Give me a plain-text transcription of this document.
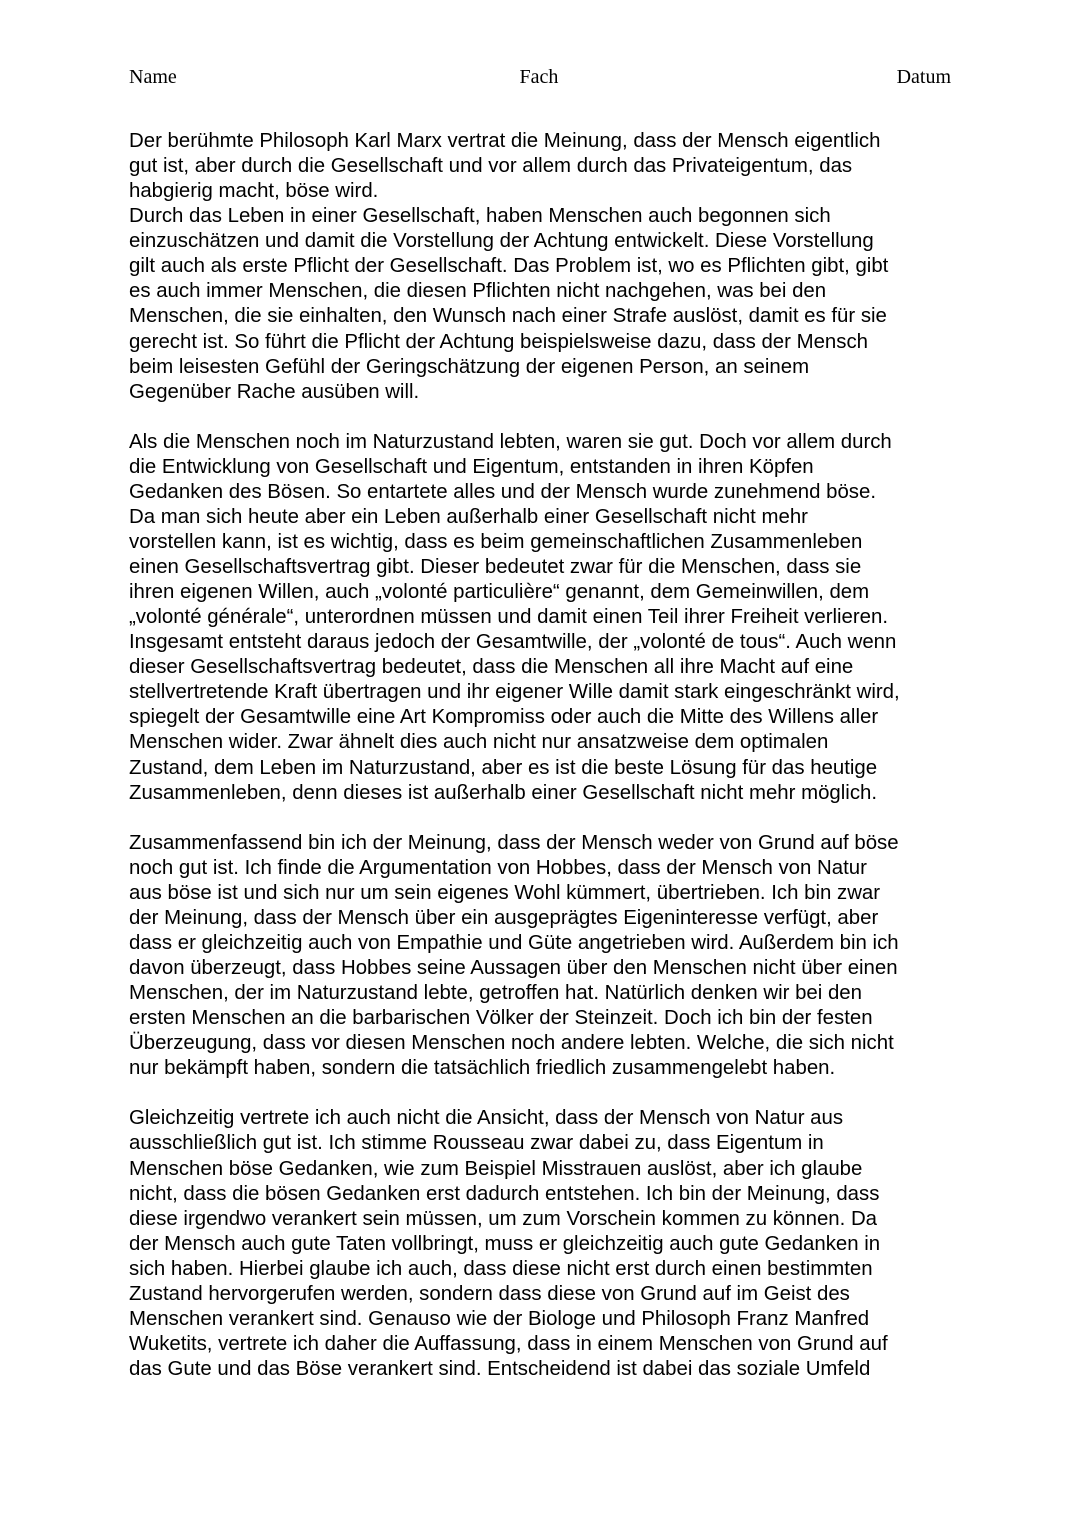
Name	Fach	Datum

Der berühmte Philosoph Karl Marx vertrat die Meinung, dass der Mensch eigentlich
gut ist, aber durch die Gesellschaft und vor allem durch das Privateigentum, das
habgierig macht, böse wird.

Durch das Leben in einer Gesellschaft, haben Menschen auch begonnen sich
einzuschätzen und damit die Vorstellung der Achtung entwickelt. Diese Vorstellung
gilt auch als erste Pflicht der Gesellschaft. Das Problem ist, wo es Pflichten gibt, gibt
es auch immer Menschen, die diesen Pflichten nicht nachgehen, was bei den
Menschen, die sie einhalten, den Wunsch nach einer Strafe auslöst, damit es für sie
gerecht ist. So führt die Pflicht der Achtung beispielsweise dazu, dass der Mensch
beim leisesten Gefühl der Geringschätzung der eigenen Person, an seinem
Gegenüber Rache ausüben will.

Als die Menschen noch im Naturzustand lebten, waren sie gut. Doch vor allem durch
die Entwicklung von Gesellschaft und Eigentum, entstanden in ihren Köpfen
Gedanken des Bösen. So entartete alles und der Mensch wurde zunehmend böse.
Da man sich heute aber ein Leben außerhalb einer Gesellschaft nicht mehr
vorstellen kann, ist es wichtig, dass es beim gemeinschaftlichen Zusammenleben
einen Gesellschaftsvertrag gibt. Dieser bedeutet zwar für die Menschen, dass sie
ihren eigenen Willen, auch „volonté particulière“ genannt, dem Gemeinwillen, dem
„volonté générale“, unterordnen müssen und damit einen Teil ihrer Freiheit verlieren.
Insgesamt entsteht daraus jedoch der Gesamtwille, der „volonté de tous“. Auch wenn
dieser Gesellschaftsvertrag bedeutet, dass die Menschen all ihre Macht auf eine
stellvertretende Kraft übertragen und ihr eigener Wille damit stark eingeschränkt wird,
spiegelt der Gesamtwille eine Art Kompromiss oder auch die Mitte des Willens aller
Menschen wider. Zwar ähnelt dies auch nicht nur ansatzweise dem optimalen
Zustand, dem Leben im Naturzustand, aber es ist die beste Lösung für das heutige
Zusammenleben, denn dieses ist außerhalb einer Gesellschaft nicht mehr möglich.

Zusammenfassend bin ich der Meinung, dass der Mensch weder von Grund auf böse
noch gut ist. Ich finde die Argumentation von Hobbes, dass der Mensch von Natur
aus böse ist und sich nur um sein eigenes Wohl kümmert, übertrieben. Ich bin zwar
der Meinung, dass der Mensch über ein ausgeprägtes Eigeninteresse verfügt, aber
dass er gleichzeitig auch von Empathie und Güte angetrieben wird. Außerdem bin ich
davon überzeugt, dass Hobbes seine Aussagen über den Menschen nicht über einen
Menschen, der im Naturzustand lebte, getroffen hat. Natürlich denken wir bei den
ersten Menschen an die barbarischen Völker der Steinzeit. Doch ich bin der festen
Überzeugung, dass vor diesen Menschen noch andere lebten. Welche, die sich nicht
nur bekämpft haben, sondern die tatsächlich friedlich zusammengelebt haben.

Gleichzeitig vertrete ich auch nicht die Ansicht, dass der Mensch von Natur aus
ausschließlich gut ist. Ich stimme Rousseau zwar dabei zu, dass Eigentum in
Menschen böse Gedanken, wie zum Beispiel Misstrauen auslöst, aber ich glaube
nicht, dass die bösen Gedanken erst dadurch entstehen. Ich bin der Meinung, dass
diese irgendwo verankert sein müssen, um zum Vorschein kommen zu können. Da
der Mensch auch gute Taten vollbringt, muss er gleichzeitig auch gute Gedanken in
sich haben. Hierbei glaube ich auch, dass diese nicht erst durch einen bestimmten
Zustand hervorgerufen werden, sondern dass diese von Grund auf im Geist des
Menschen verankert sind. Genauso wie der Biologe und Philosoph Franz Manfred
Wuketits, vertrete ich daher die Auffassung, dass in einem Menschen von Grund auf
das Gute und das Böse verankert sind. Entscheidend ist dabei das soziale Umfeld
